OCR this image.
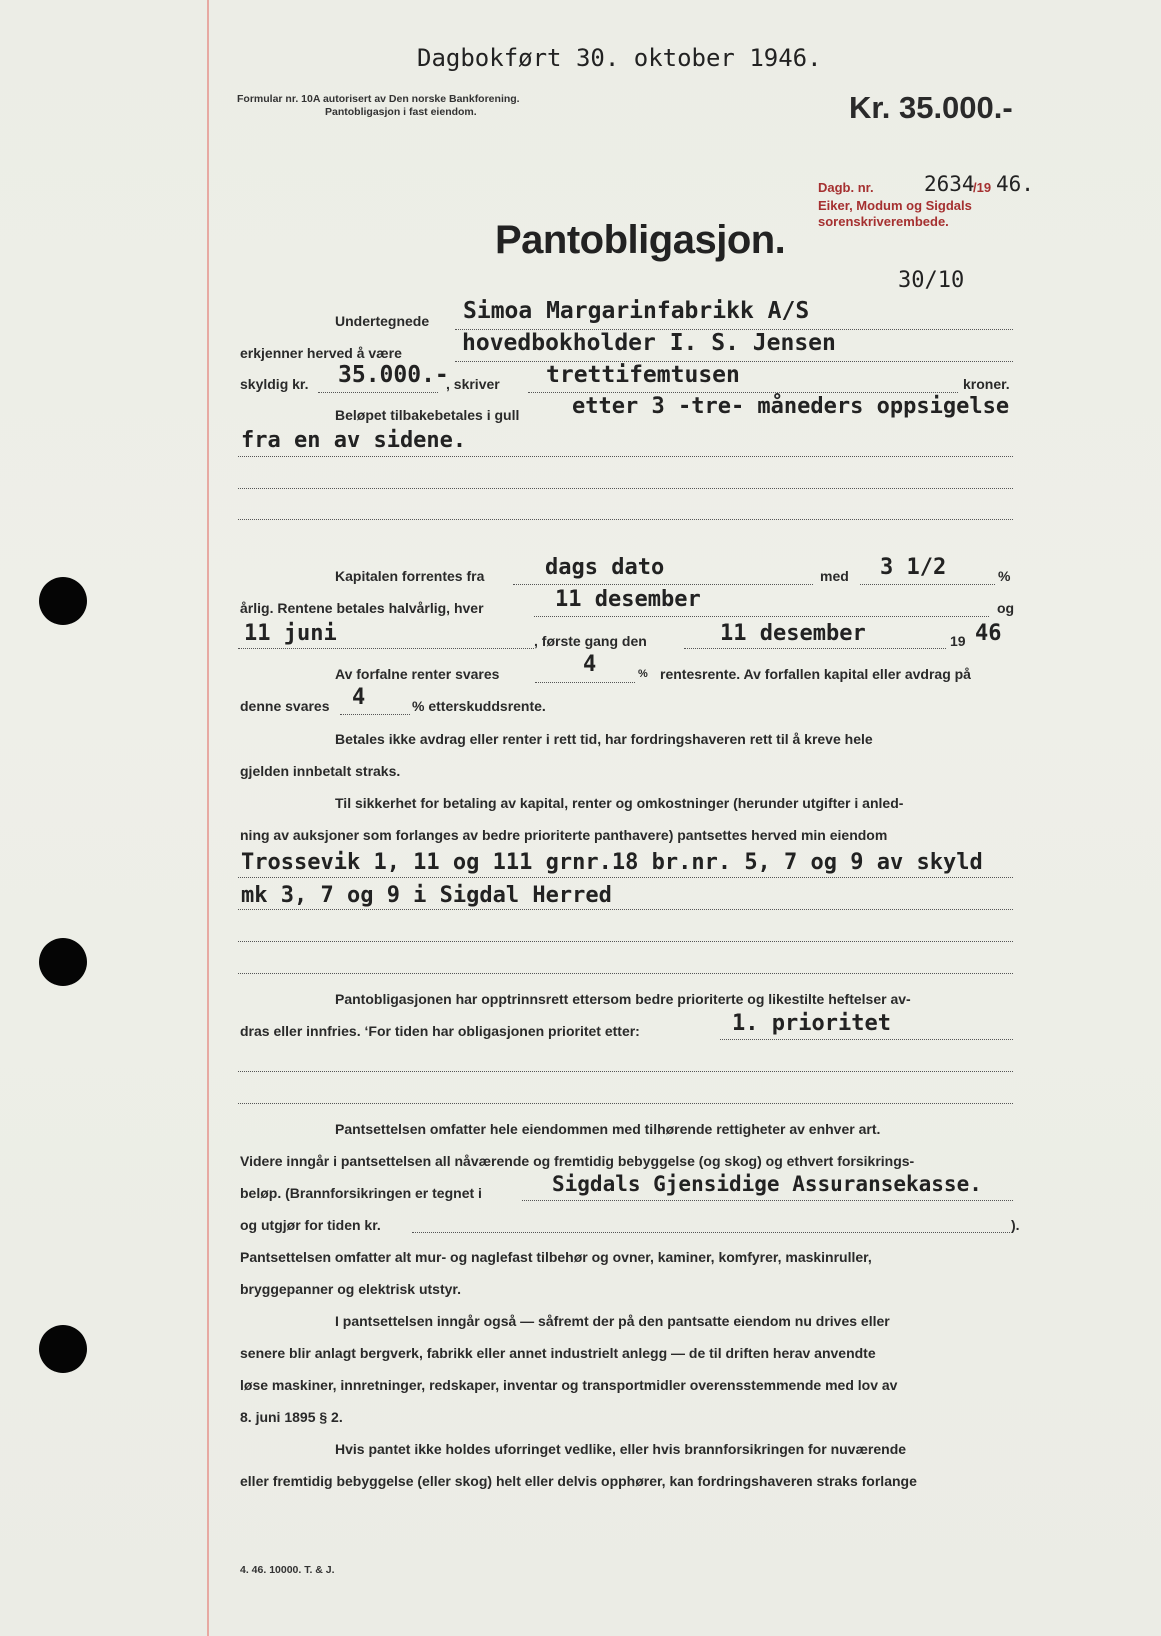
Dagbokført 30. oktober 1946.
Formular nr. 10A autorisert av Den norske Bankforening.
Pantobligasjon i fast eiendom.	Kr. 35.000.-
Dagb. nr. 2634
/19 46.
Eiker, Modum og Sigdals
sorenskriverembede.
Pantobligasjon.
30/10
Undertegnede Simoa Margarinfabrikk A/S
erkjenner herved å være	hovedbokholder I. S. Jensen
skyldig kr. 35.000.-
, skriver trettifemtusen	kroner.
Beløpet tilbakebetales i gull etter 3 -tre- måneders oppsigelse
fra en av sidene.
Kapitalen forrentes fra	dags dato	med 3 1/2	%
årlig. Rentene betales halvårlig, hver	11 desember	og
11 juni	, første gang den	11 desember	19 46
Av forfalne renter svares	4	% rentesrente. Av forfallen kapital eller avdrag på
denne svares 4	% etterskuddsrente.
Betales ikke avdrag eller renter i rett tid, har fordringshaveren rett til å kreve hele
gjelden innbetalt straks.
Til sikkerhet for betaling av kapital, renter og omkostninger (herunder utgifter i anled-
ning av auksjoner som forlanges av bedre prioriterte panthavere) pantsettes herved min eiendom
Trossevik 1, 11 og 111 grnr.18 br.nr. 5, 7 og 9 av skyld
mk 3, 7 og 9 i Sigdal Herred
Pantobligasjonen har opptrinnsrett ettersom bedre prioriterte og likestilte heftelser av-
dras eller innfries. ‘For tiden har obligasjonen prioritet etter:	1. prioritet
Pantsettelsen omfatter hele eiendommen med tilhørende rettigheter av enhver art.
Videre inngår i pantsettelsen all nåværende og fremtidig bebyggelse (og skog) og ethvert forsikrings-
beløp. (Brannforsikringen er tegnet i	Sigdals Gjensidige Assuransekasse.
og utgjør for tiden kr.	).
Pantsettelsen omfatter alt mur- og naglefast tilbehør og ovner, kaminer, komfyrer, maskinruller,
bryggepanner og elektrisk utstyr.
I pantsettelsen inngår også — såfremt der på den pantsatte eiendom nu drives eller
senere blir anlagt bergverk, fabrikk eller annet industrielt anlegg — de til driften herav anvendte
løse maskiner, innretninger, redskaper, inventar og transportmidler overensstemmende med lov av
8. juni 1895 § 2.
Hvis pantet ikke holdes uforringet vedlike, eller hvis brannforsikringen for nuværende
eller fremtidig bebyggelse (eller skog) helt eller delvis opphører, kan fordringshaveren straks forlange
4. 46. 10000. T. & J.
